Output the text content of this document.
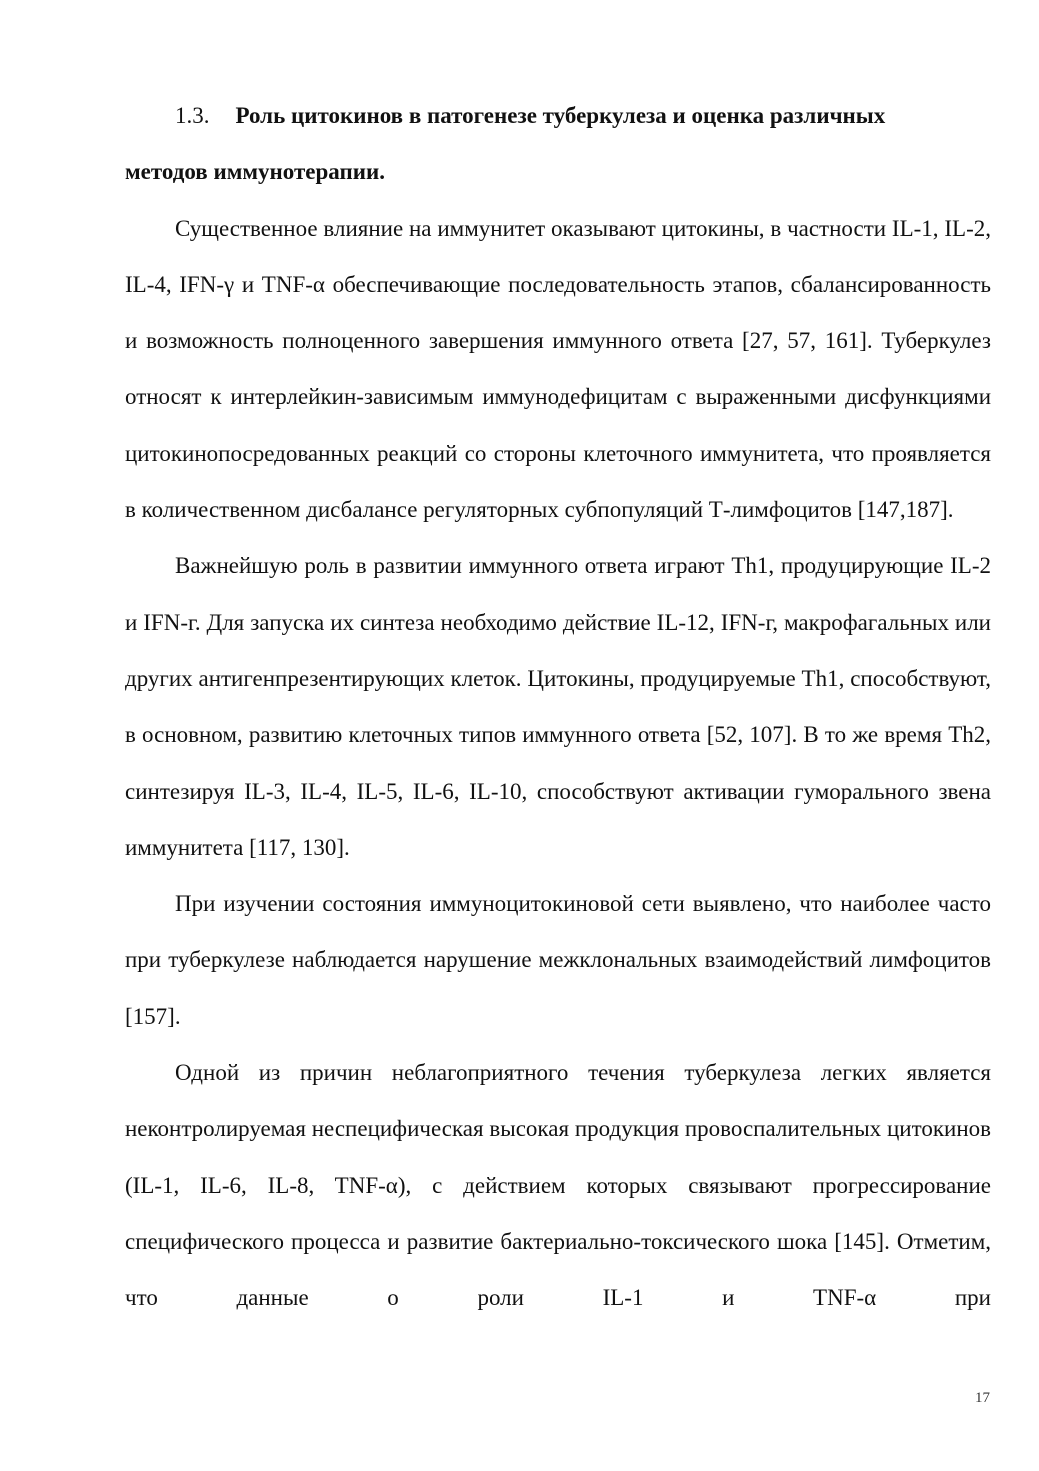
1.3. Роль цитокинов в патогенезе туберкулеза и оценка различных

методов иммунотерапии.

Существенное влияние на иммунитет оказывают цитокины, в частности IL-1, IL-2, IL-4, IFN-γ и TNF-α обеспечивающие последовательность этапов, сбалансированность и возможность полноценного завершения иммунного ответа [27, 57, 161]. Туберкулез относят к интерлейкин-зависимым иммунодефицитам с выраженными дисфункциями цитокинопосредованных реакций со стороны клеточного иммунитета, что проявляется в количественном дисбалансе регуляторных субпопуляций Т-лимфоцитов [147,187].

Важнейшую роль в развитии иммунного ответа играют Th1, продуцирующие IL-2 и IFN-г. Для запуска их синтеза необходимо действие IL-12, IFN-г, макрофагальных или других антигенпрезентирующих клеток. Цитокины, продуцируемые Th1, способствуют, в основном, развитию клеточных типов иммунного ответа [52, 107]. В то же время Th2, синтезируя IL-3, IL-4, IL-5, IL-6, IL-10, способствуют активации гуморального звена иммунитета [117, 130].

При изучении состояния иммуноцитокиновой сети выявлено, что наиболее часто при туберкулезе наблюдается нарушение межклональных взаимодействий лимфоцитов [157].

Одной из причин неблагоприятного течения туберкулеза легких является неконтролируемая неспецифическая высокая продукция провоспалительных цитокинов (IL-1, IL-6, IL-8, TNF-α), с действием которых связывают прогрессирование специфического процесса и развитие бактериально-токсического шока [145]. Отметим, что данные о роли IL-1 и TNF-α при

17
